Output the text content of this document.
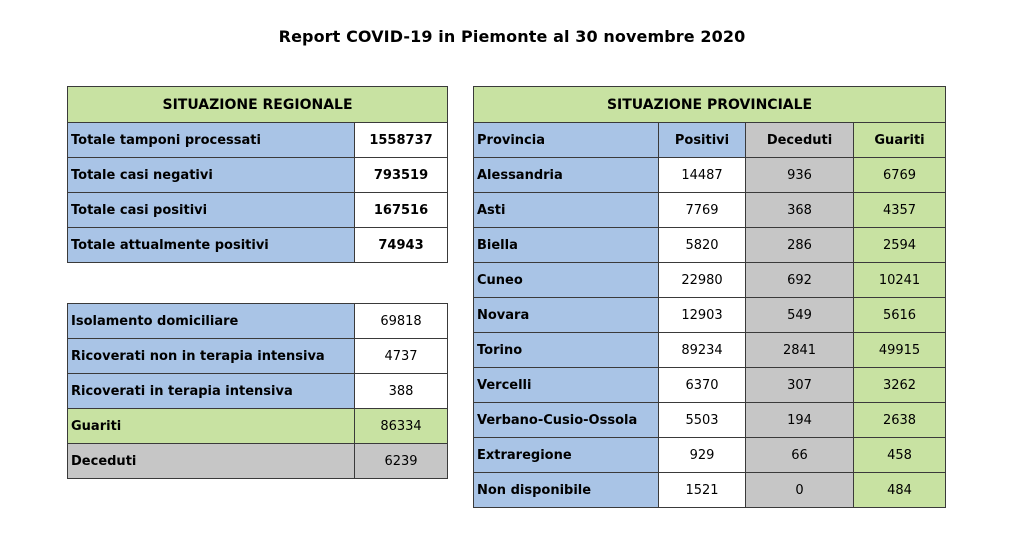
Report COVID-19 in Piemonte al 30 novembre 2020
SITUAZIONE REGIONALE	
Totale tamponi processati	1558737
Totale casi negativi	793519
Totale casi positivi	167516
Totale attualmente positivi	74943
Isolamento domiciliare	69818
Ricoverati non in terapia intensiva	4737
Ricoverati in terapia intensiva	388
Guariti	86334
Deceduti	6239
SITUAZIONE PROVINCIALE			
Provincia	Positivi	Deceduti	Guariti
Alessandria	14487	936	6769
Asti	7769	368	4357
Biella	5820	286	2594
Cuneo	22980	692	10241
Novara	12903	549	5616
Torino	89234	2841	49915
Vercelli	6370	307	3262
Verbano-Cusio-Ossola	5503	194	2638
Extraregione	929	66	458
Non disponibile	1521	0	484
